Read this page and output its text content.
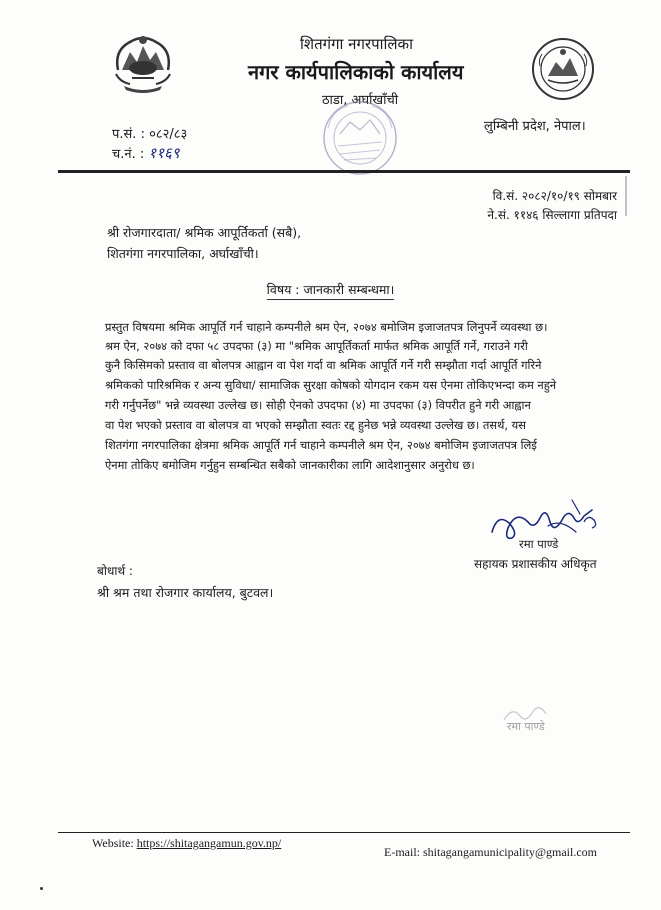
शितगंगा नगरपालिका
नगर कार्यपालिकाको कार्यालय
ठाडा, अर्घाखाँची
लुम्बिनी प्रदेश, नेपाल।
प.सं. : ०८२/८३
च.नं. : ११६९
वि.सं. २०८२/१०/१९ सोमबार
ने.सं. ११४६ सिल्लागा प्रतिपदा
श्री रोजगारदाता/ श्रमिक आपूर्तिकर्ता (सबै),
शितगंगा नगरपालिका, अर्घाखाँची।
विषय : जानकारी सम्बन्धमा।
प्रस्तुत विषयमा श्रमिक आपूर्ति गर्न चाहाने कम्पनीले श्रम ऐन, २०७४ बमोजिम इजाजतपत्र लिनुपर्ने व्यवस्था छ।
श्रम ऐन, २०७४ को दफा ५८ उपदफा (३) मा "श्रमिक आपूर्तिकर्ता मार्फत श्रमिक आपूर्ति गर्ने, गराउने गरी
कुनै किसिमको प्रस्ताव वा बोलपत्र आह्वान वा पेश गर्दा वा श्रमिक आपूर्ति गर्ने गरी सम्झौता गर्दा आपूर्ति गरिने
श्रमिकको पारिश्रमिक र अन्य सुविधा/ सामाजिक सुरक्षा कोषको योगदान रकम यस ऐनमा तोकिएभन्दा कम नहुने
गरी गर्नुपर्नेछ" भन्ने व्यवस्था उल्लेख छ। सोही ऐनको उपदफा (४) मा उपदफा (३) विपरीत हुने गरी आह्वान
वा पेश भएको प्रस्ताव वा बोलपत्र वा भएको सम्झौता स्वतः रद्द हुनेछ भन्ने व्यवस्था उल्लेख छ। तसर्थ, यस
शितगंगा नगरपालिका क्षेत्रमा श्रमिक आपूर्ति गर्न चाहाने कम्पनीले श्रम ऐन, २०७४ बमोजिम इजाजतपत्र लिई
ऐनमा तोकिए बमोजिम गर्नुहुन सम्बन्धित सबैको जानकारीका लागि आदेशानुसार अनुरोध छ।
रमा पाण्डे
सहायक प्रशासकीय अधिकृत
बोधार्थ :
श्री श्रम तथा रोजगार कार्यालय, बुटवल।
रमा पाण्डे
Website: https://shitagangamun.gov.np/
E-mail: shitagangamunicipality@gmail.com
